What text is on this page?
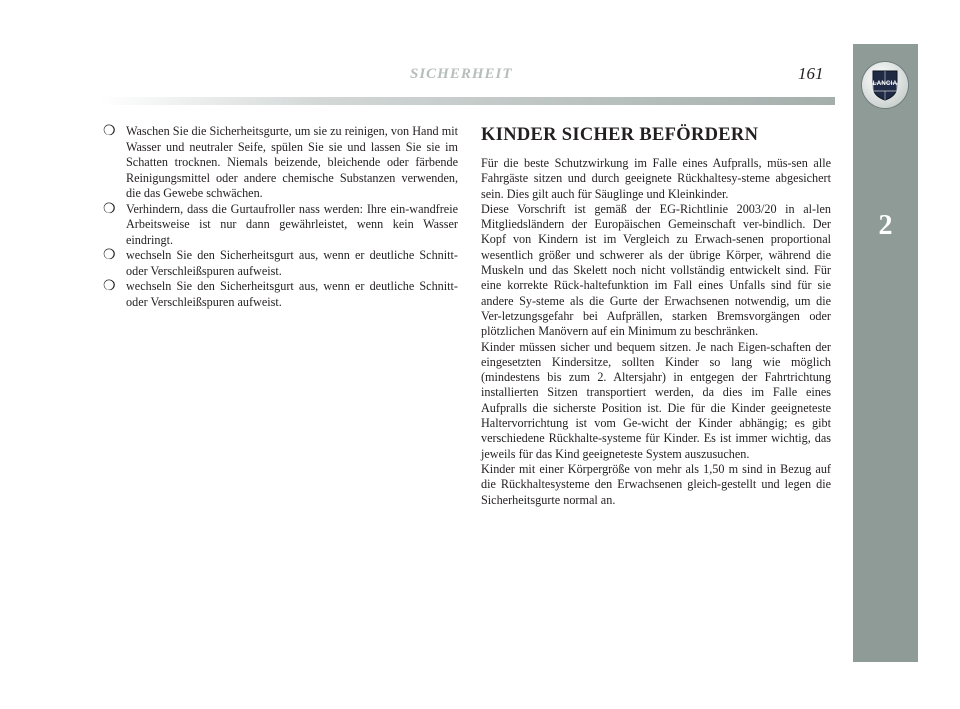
LANCIA
2
SICHERHEIT	161

❍ Waschen Sie die Sicherheitsgurte, um sie zu reinigen, von Hand mit Wasser und neutraler Seife, spülen Sie sie und lassen Sie sie im Schatten trocknen. Niemals beizende, bleichende oder färbende Reinigungsmittel oder andere chemische Substanzen verwenden, die das Gewebe schwächen.

❍ Verhindern, dass die Gurtaufroller nass werden: Ihre ein-wandfreie Arbeitsweise ist nur dann gewährleistet, wenn kein Wasser eindringt.

❍ wechseln Sie den Sicherheitsgurt aus, wenn er deutliche Schnitt- oder Verschleißspuren aufweist.

❍ wechseln Sie den Sicherheitsgurt aus, wenn er deutliche Schnitt- oder Verschleißspuren aufweist.

KINDER SICHER BEFÖRDERN

Für die beste Schutzwirkung im Falle eines Aufpralls, müs-sen alle Fahrgäste sitzen und durch geeignete Rückhaltesy-steme abgesichert sein. Dies gilt auch für Säuglinge und Kleinkinder.

Diese Vorschrift ist gemäß der EG-Richtlinie 2003/20 in al-len Mitgliedsländern der Europäischen Gemeinschaft ver-bindlich. Der Kopf von Kindern ist im Vergleich zu Erwach-senen proportional wesentlich größer und schwerer als der übrige Körper, während die Muskeln und das Skelett noch nicht vollständig entwickelt sind. Für eine korrekte Rück-haltefunktion im Fall eines Unfalls sind für sie andere Sy-steme als die Gurte der Erwachsenen notwendig, um die Ver-letzungsgefahr bei Aufprällen, starken Bremsvorgängen oder plötzlichen Manövern auf ein Minimum zu beschränken.

Kinder müssen sicher und bequem sitzen. Je nach Eigen-schaften der eingesetzten Kindersitze, sollten Kinder so lang wie möglich (mindestens bis zum 2. Altersjahr) in entgegen der Fahrtrichtung installierten Sitzen transportiert werden, da dies im Falle eines Aufpralls die sicherste Position ist. Die für die Kinder geeigneteste Haltervorrichtung ist vom Ge-wicht der Kinder abhängig; es gibt verschiedene Rückhalte-systeme für Kinder. Es ist immer wichtig, das jeweils für das Kind geeigneteste System auszusuchen.

Kinder mit einer Körpergröße von mehr als 1,50 m sind in Bezug auf die Rückhaltesysteme den Erwachsenen gleich-gestellt und legen die Sicherheitsgurte normal an.
